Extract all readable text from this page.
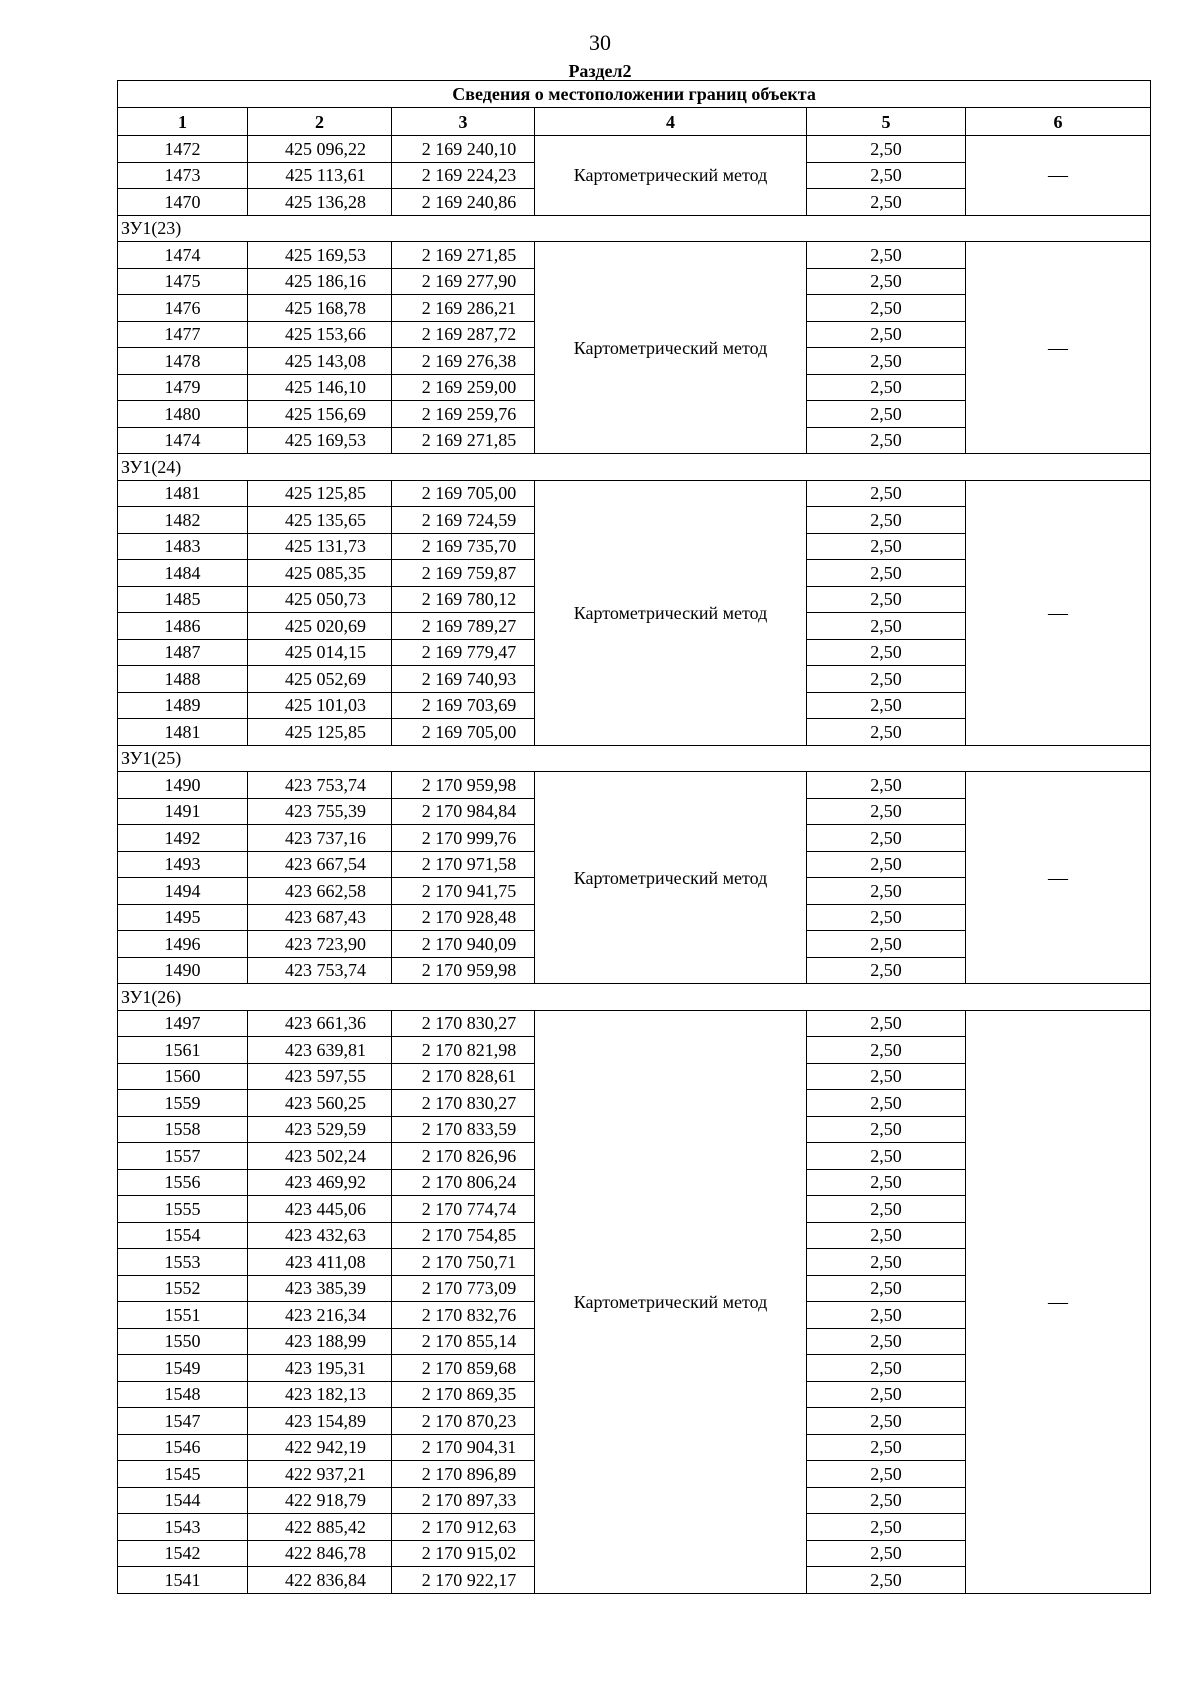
30
Раздел2
Сведения о местоположении границ объекта					
1	2	3	4	5	6
1472	425 096,22	2 169 240,10	Картометрический метод	2,50	—
1473	425 113,61	2 169 224,23		2,50	
1470	425 136,28	2 169 240,86		2,50	
ЗУ1(23)					
1474	425 169,53	2 169 271,85	Картометрический метод	2,50	—
1475	425 186,16	2 169 277,90		2,50	
1476	425 168,78	2 169 286,21		2,50	
1477	425 153,66	2 169 287,72		2,50	
1478	425 143,08	2 169 276,38		2,50	
1479	425 146,10	2 169 259,00		2,50	
1480	425 156,69	2 169 259,76		2,50	
1474	425 169,53	2 169 271,85		2,50	
ЗУ1(24)					
1481	425 125,85	2 169 705,00	Картометрический метод	2,50	—
1482	425 135,65	2 169 724,59		2,50	
1483	425 131,73	2 169 735,70		2,50	
1484	425 085,35	2 169 759,87		2,50	
1485	425 050,73	2 169 780,12		2,50	
1486	425 020,69	2 169 789,27		2,50	
1487	425 014,15	2 169 779,47		2,50	
1488	425 052,69	2 169 740,93		2,50	
1489	425 101,03	2 169 703,69		2,50	
1481	425 125,85	2 169 705,00		2,50	
ЗУ1(25)					
1490	423 753,74	2 170 959,98	Картометрический метод	2,50	—
1491	423 755,39	2 170 984,84		2,50	
1492	423 737,16	2 170 999,76		2,50	
1493	423 667,54	2 170 971,58		2,50	
1494	423 662,58	2 170 941,75		2,50	
1495	423 687,43	2 170 928,48		2,50	
1496	423 723,90	2 170 940,09		2,50	
1490	423 753,74	2 170 959,98		2,50	
ЗУ1(26)					
1497	423 661,36	2 170 830,27	Картометрический метод	2,50	—
1561	423 639,81	2 170 821,98		2,50	
1560	423 597,55	2 170 828,61		2,50	
1559	423 560,25	2 170 830,27		2,50	
1558	423 529,59	2 170 833,59		2,50	
1557	423 502,24	2 170 826,96		2,50	
1556	423 469,92	2 170 806,24		2,50	
1555	423 445,06	2 170 774,74		2,50	
1554	423 432,63	2 170 754,85		2,50	
1553	423 411,08	2 170 750,71		2,50	
1552	423 385,39	2 170 773,09		2,50	
1551	423 216,34	2 170 832,76		2,50	
1550	423 188,99	2 170 855,14		2,50	
1549	423 195,31	2 170 859,68		2,50	
1548	423 182,13	2 170 869,35		2,50	
1547	423 154,89	2 170 870,23		2,50	
1546	422 942,19	2 170 904,31		2,50	
1545	422 937,21	2 170 896,89		2,50	
1544	422 918,79	2 170 897,33		2,50	
1543	422 885,42	2 170 912,63		2,50	
1542	422 846,78	2 170 915,02		2,50	
1541	422 836,84	2 170 922,17		2,50	
